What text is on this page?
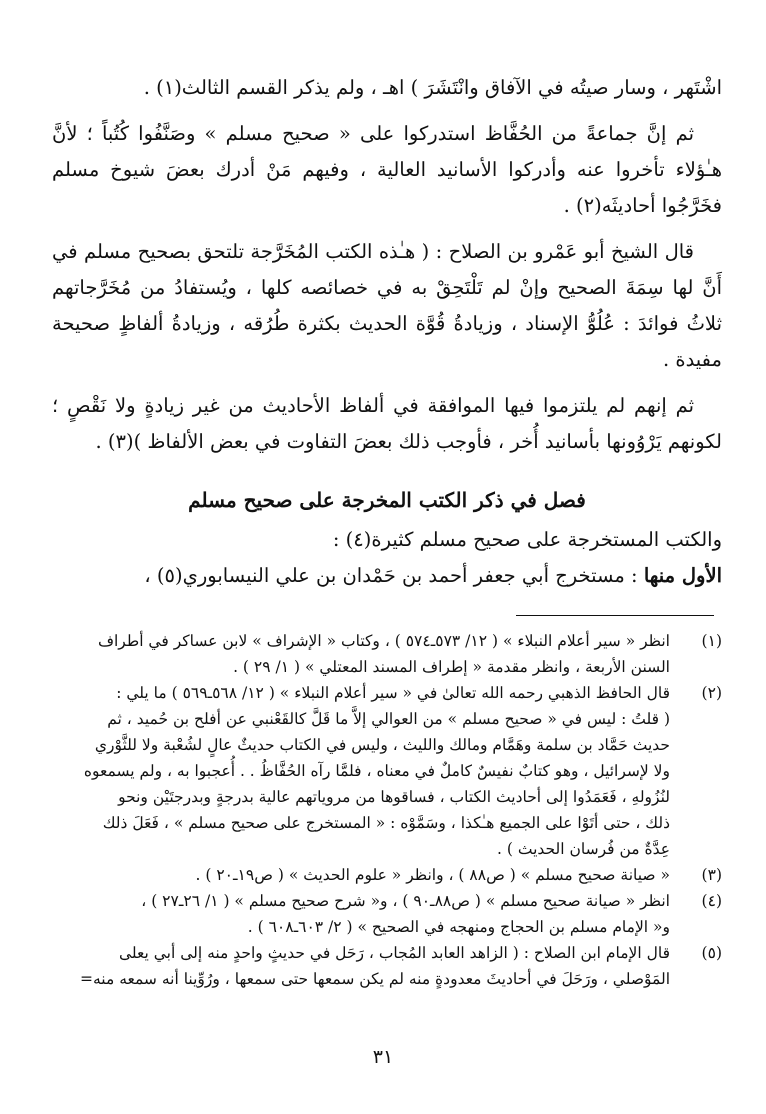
اشْتَهر ، وسار صيتُه في الآفاق وانْتَشَرَ ) اهـ ، ولم يذكر القسم الثالث(١) .

ثم إنَّ جماعةً من الحُفَّاظ استدركوا على « صحيح مسلم » وصَنَّفُوا كُتُباً ؛ لأنَّ هـٰؤلاء تأخروا عنه وأدركوا الأسانيد العالية ، وفيهم مَنْ أدرك بعضَ شيوخ مسلم فخَرَّجُوا أحاديثَه(٢) .

قال الشيخ أبو عَمْرو بن الصلاح : ( هـٰذه الكتب المُخَرَّجة تلتحق بصحيح مسلم في أَنَّ لها سِمَةَ الصحيح وإنْ لم تَلْتَحِقْ به في خصائصه كلها ، ويُستفادُ من مُخَرَّجاتهم ثلاثُ فوائدَ : عُلُوُّ الإسناد ، وزيادةُ قُوَّة الحديث بكثرة طُرُقه ، وزيادةُ ألفاظٍ صحيحة مفيدة .

ثم إنهم لم يلتزموا فيها الموافقة في ألفاظ الأحاديث من غير زيادةٍ ولا نَقْصٍ ؛ لكونهم يَرْوُونها بأسانيد أُخر ، فأوجب ذلك بعضَ التفاوت في بعض الألفاظ )(٣) .

فصل في ذكر الكتب المخرجة على صحيح مسلم

والكتب المستخرجة على صحيح مسلم كثيرة(٤) :

الأول منها : مستخرج أبي جعفر أحمد بن حَمْدان بن علي النيسابوري(٥) ،

(١)
انظر « سير أعلام النبلاء » ( ١٢/ ٥٧٣ـ٥٧٤ ) ، وكتاب « الإشراف » لابن عساكر في أطراف
السنن الأربعة ، وانظر مقدمة « إطراف المسند المعتلي » ( ١/ ٢٩ ) .
(٢)
قال الحافظ الذهبي رحمه الله تعالىٰ في « سير أعلام النبلاء » ( ١٢/ ٥٦٨ـ٥٦٩ ) ما يلي :
( قلتُ : ليس في « صحيح مسلم » من العوالي إلاَّ ما قَلَّ كالقَعْنبي عن أفلح بن حُميد ، ثم
حديث حَمَّاد بن سلمة وهَمَّام ومالك والليث ، وليس في الكتاب حديثٌ عالٍ لشُعْبة ولا للثَّوْري
ولا لإسرائيل ، وهو كتابٌ نفيسٌ كاملٌ في معناه ، فلمَّا رآه الحُفَّاظُ . . أُعجبوا به ، ولم يسمعوه
لنُزُولهِ ، فَعَمَدُوا إلى أحاديث الكتاب ، فساقوها من مروياتهم عالية بدرجةٍ وبدرجتَيْن ونحو
ذلك ، حتى أتَوْا على الجميع هـٰكذا ، وسَمَّوْه : « المستخرج على صحيح مسلم » ، فَعَلَ ذلك
عِدَّةٌ من فُرسان الحديث ) .
(٣)
« صيانة صحيح مسلم » ( ص٨٨ ) ، وانظر « علوم الحديث » ( ص١٩ـ٢٠ ) .
(٤)
انظر « صيانة صحيح مسلم » ( ص٨٨ـ٩٠ ) ، و« شرح صحيح مسلم » ( ١/ ٢٦ـ٢٧ ) ،
و« الإمام مسلم بن الحجاج ومنهجه في الصحيح » ( ٢/ ٦٠٣ـ٦٠٨ ) .
(٥)
قال الإمام ابن الصلاح : ( الزاهد العابد المُجاب ، رَحَل في حديثٍ واحدٍ منه إلى أبي يعلى
المَوْصلي ، ورَحَلَ في أحاديثَ معدودةٍ منه لم يكن سمعها حتى سمعها ، ورُوِّينا أنه سمعه منه=
٣١
